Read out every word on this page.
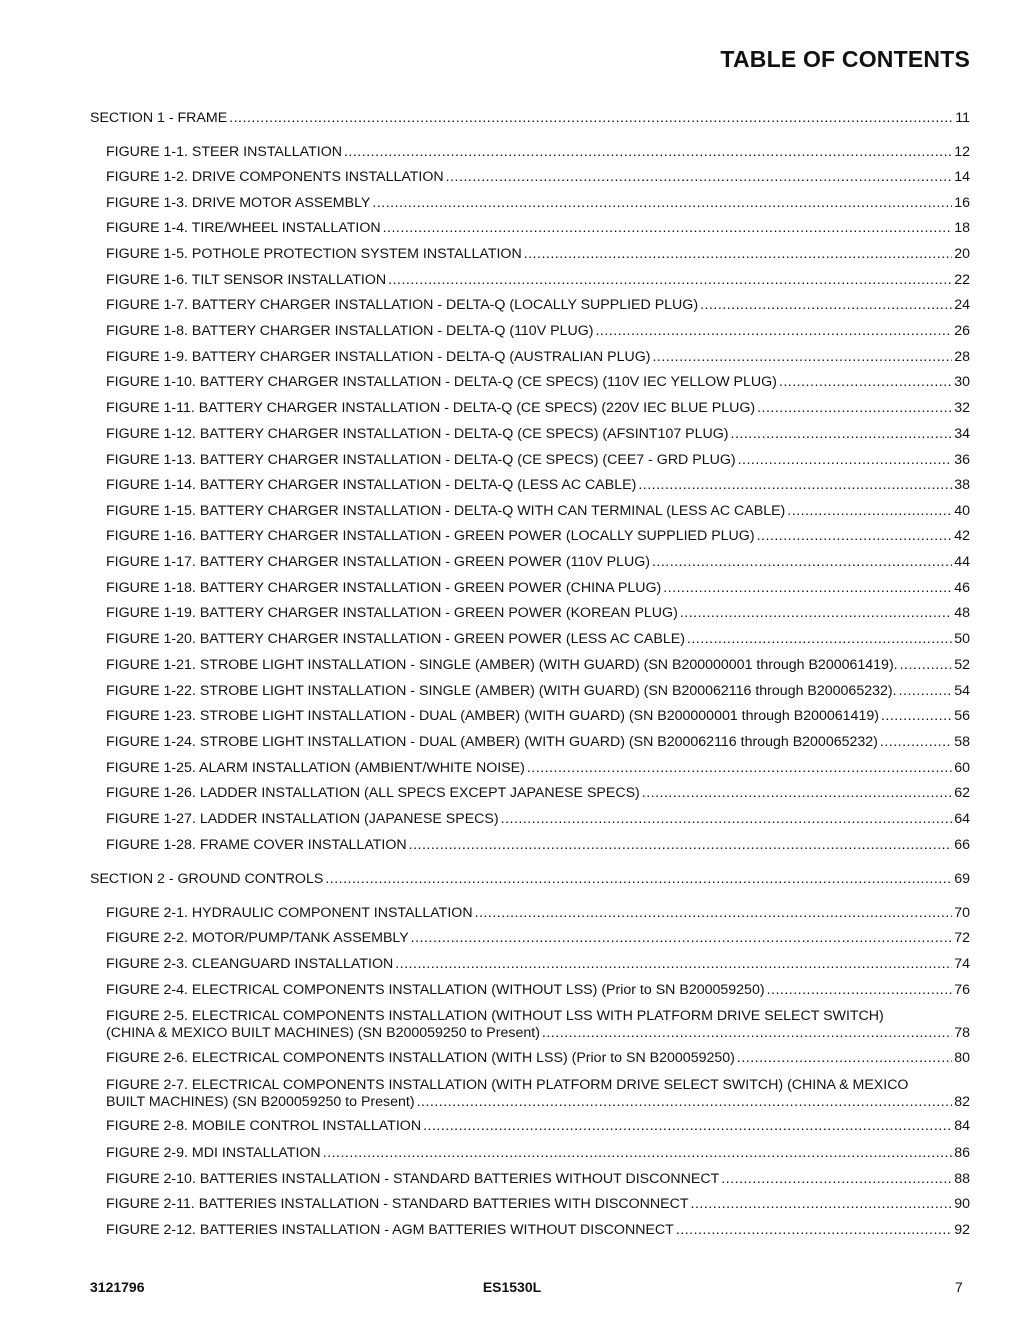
TABLE OF CONTENTS
SECTION 1 - FRAME .....	11
FIGURE 1-1. STEER INSTALLATION .....	12
FIGURE 1-2. DRIVE COMPONENTS INSTALLATION .....	14
FIGURE 1-3. DRIVE MOTOR ASSEMBLY .....	16
FIGURE 1-4. TIRE/WHEEL INSTALLATION .....	18
FIGURE 1-5. POTHOLE PROTECTION SYSTEM INSTALLATION .....	20
FIGURE 1-6. TILT SENSOR INSTALLATION .....	22
FIGURE 1-7. BATTERY CHARGER INSTALLATION - DELTA-Q (LOCALLY SUPPLIED PLUG) .....	24
FIGURE 1-8. BATTERY CHARGER INSTALLATION - DELTA-Q (110V PLUG) .....	26
FIGURE 1-9. BATTERY CHARGER INSTALLATION - DELTA-Q (AUSTRALIAN PLUG) .....	28
FIGURE 1-10. BATTERY CHARGER INSTALLATION - DELTA-Q (CE SPECS) (110V IEC YELLOW PLUG) .....	30
FIGURE 1-11. BATTERY CHARGER INSTALLATION - DELTA-Q (CE SPECS) (220V IEC BLUE PLUG) .....	32
FIGURE 1-12. BATTERY CHARGER INSTALLATION - DELTA-Q (CE SPECS) (AFSINT107 PLUG) .....	34
FIGURE 1-13. BATTERY CHARGER INSTALLATION - DELTA-Q (CE SPECS) (CEE7 - GRD PLUG) .....	36
FIGURE 1-14. BATTERY CHARGER INSTALLATION - DELTA-Q (LESS AC CABLE) .....	38
FIGURE 1-15. BATTERY CHARGER INSTALLATION - DELTA-Q WITH CAN TERMINAL (LESS AC CABLE) .....	40
FIGURE 1-16. BATTERY CHARGER INSTALLATION - GREEN POWER (LOCALLY SUPPLIED PLUG) .....	42
FIGURE 1-17. BATTERY CHARGER INSTALLATION - GREEN POWER (110V PLUG) .....	44
FIGURE 1-18. BATTERY CHARGER INSTALLATION - GREEN POWER (CHINA PLUG) .....	46
FIGURE 1-19. BATTERY CHARGER INSTALLATION - GREEN POWER (KOREAN PLUG) .....	48
FIGURE 1-20. BATTERY CHARGER INSTALLATION - GREEN POWER (LESS AC CABLE) .....	50
FIGURE 1-21. STROBE LIGHT INSTALLATION - SINGLE (AMBER) (WITH GUARD) (SN B200000001 through B200061419). .....	52
FIGURE 1-22. STROBE LIGHT INSTALLATION - SINGLE (AMBER) (WITH GUARD) (SN B200062116 through B200065232). .....	54
FIGURE 1-23. STROBE LIGHT INSTALLATION - DUAL (AMBER) (WITH GUARD) (SN B200000001 through B200061419) .....	56
FIGURE 1-24. STROBE LIGHT INSTALLATION - DUAL (AMBER) (WITH GUARD) (SN B200062116 through B200065232) .....	58
FIGURE 1-25. ALARM INSTALLATION (AMBIENT/WHITE NOISE) .....	60
FIGURE 1-26. LADDER INSTALLATION (ALL SPECS EXCEPT JAPANESE SPECS) .....	62
FIGURE 1-27. LADDER INSTALLATION (JAPANESE SPECS) .....	64
FIGURE 1-28. FRAME COVER INSTALLATION .....	66
SECTION 2 - GROUND CONTROLS .....	69
FIGURE 2-1. HYDRAULIC COMPONENT INSTALLATION .....	70
FIGURE 2-2. MOTOR/PUMP/TANK ASSEMBLY .....	72
FIGURE 2-3. CLEANGUARD INSTALLATION .....	74
FIGURE 2-4. ELECTRICAL COMPONENTS INSTALLATION (WITHOUT LSS) (Prior to SN B200059250) .....	76
FIGURE 2-5. ELECTRICAL COMPONENTS INSTALLATION (WITHOUT LSS WITH PLATFORM DRIVE SELECT SWITCH)
(CHINA & MEXICO BUILT MACHINES) (SN B200059250 to Present) .....	78
FIGURE 2-6. ELECTRICAL COMPONENTS INSTALLATION (WITH LSS) (Prior to SN B200059250) .....	80
FIGURE 2-7. ELECTRICAL COMPONENTS INSTALLATION (WITH PLATFORM DRIVE SELECT SWITCH) (CHINA & MEXICO
BUILT MACHINES) (SN B200059250 to Present) .....	82
FIGURE 2-8. MOBILE CONTROL INSTALLATION .....	84
FIGURE 2-9. MDI INSTALLATION .....	86
FIGURE 2-10. BATTERIES INSTALLATION - STANDARD BATTERIES WITHOUT DISCONNECT .....	88
FIGURE 2-11. BATTERIES INSTALLATION - STANDARD BATTERIES WITH DISCONNECT .....	90
FIGURE 2-12. BATTERIES INSTALLATION - AGM BATTERIES WITHOUT DISCONNECT .....	92
3121796	ES1530L	7
